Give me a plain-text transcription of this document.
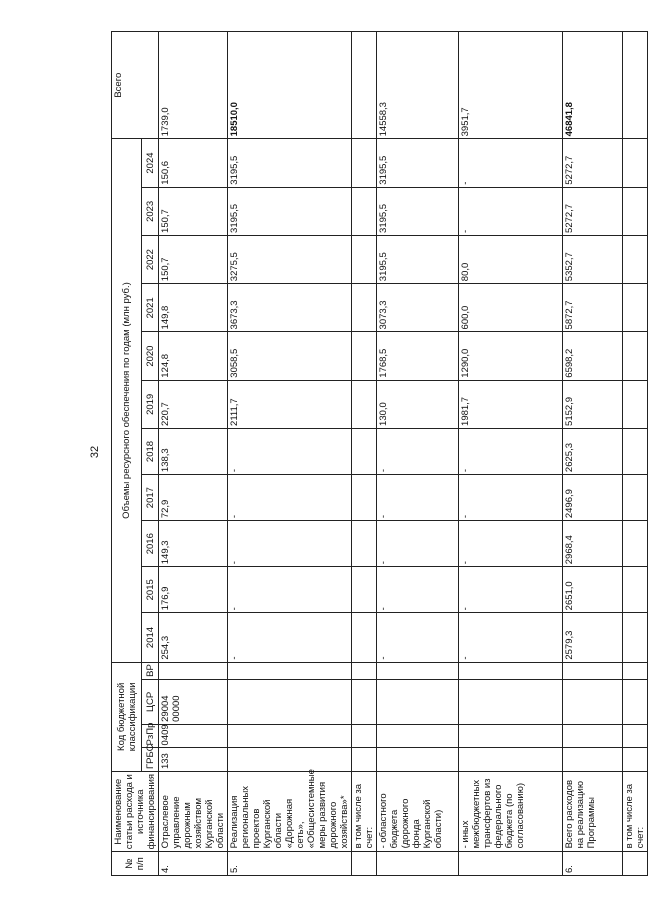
32
№ п/п	Наименование статьи расхода и источника финансирования	Код бюджетной классификации				Объемы ресурсного обеспечения по годам (млн руб.)											Всего
		ГРБС	РзПр	ЦСР	ВР	2014	2015	2016	2017	2018	2019	2020	2021	2022	2023	2024	
4.	Отраслевое управление дорожным хозяйством Курганской области	133	0409	29004 00000		254,3	176,9	149,3	72,9	138,3	220,7	124,8	149,8	150,7	150,7	150,6	1739,0
5.	Реализация региональных проектов Курганской области «Дорожная сеть», «Общесистемные меры развития дорожного хозяйства»*					-	-	-	-	-	2111,7	3058,5	3673,3	3275,5	3195,5	3195,5	18510,0
	в том числе за счет:																
	- областного бюджета (дорожного фонда Курганской области)					-	-	-	-	-	130,0	1768,5	3073,3	3195,5	3195,5	3195,5	14558,3
	- иных межбюджетных трансфертов из федерального бюджета (по согласованию)					-	-	-	-	-	1981,7	1290,0	600,0	80,0	-	-	3951,7
6.	Всего расходов на реализацию Программы					2579,3	2651,0	2968,4	2496,9	2625,3	5152,9	6598,2	5872,7	5352,7	5272,7	5272,7	46841,8
	в том числе за счет:																
